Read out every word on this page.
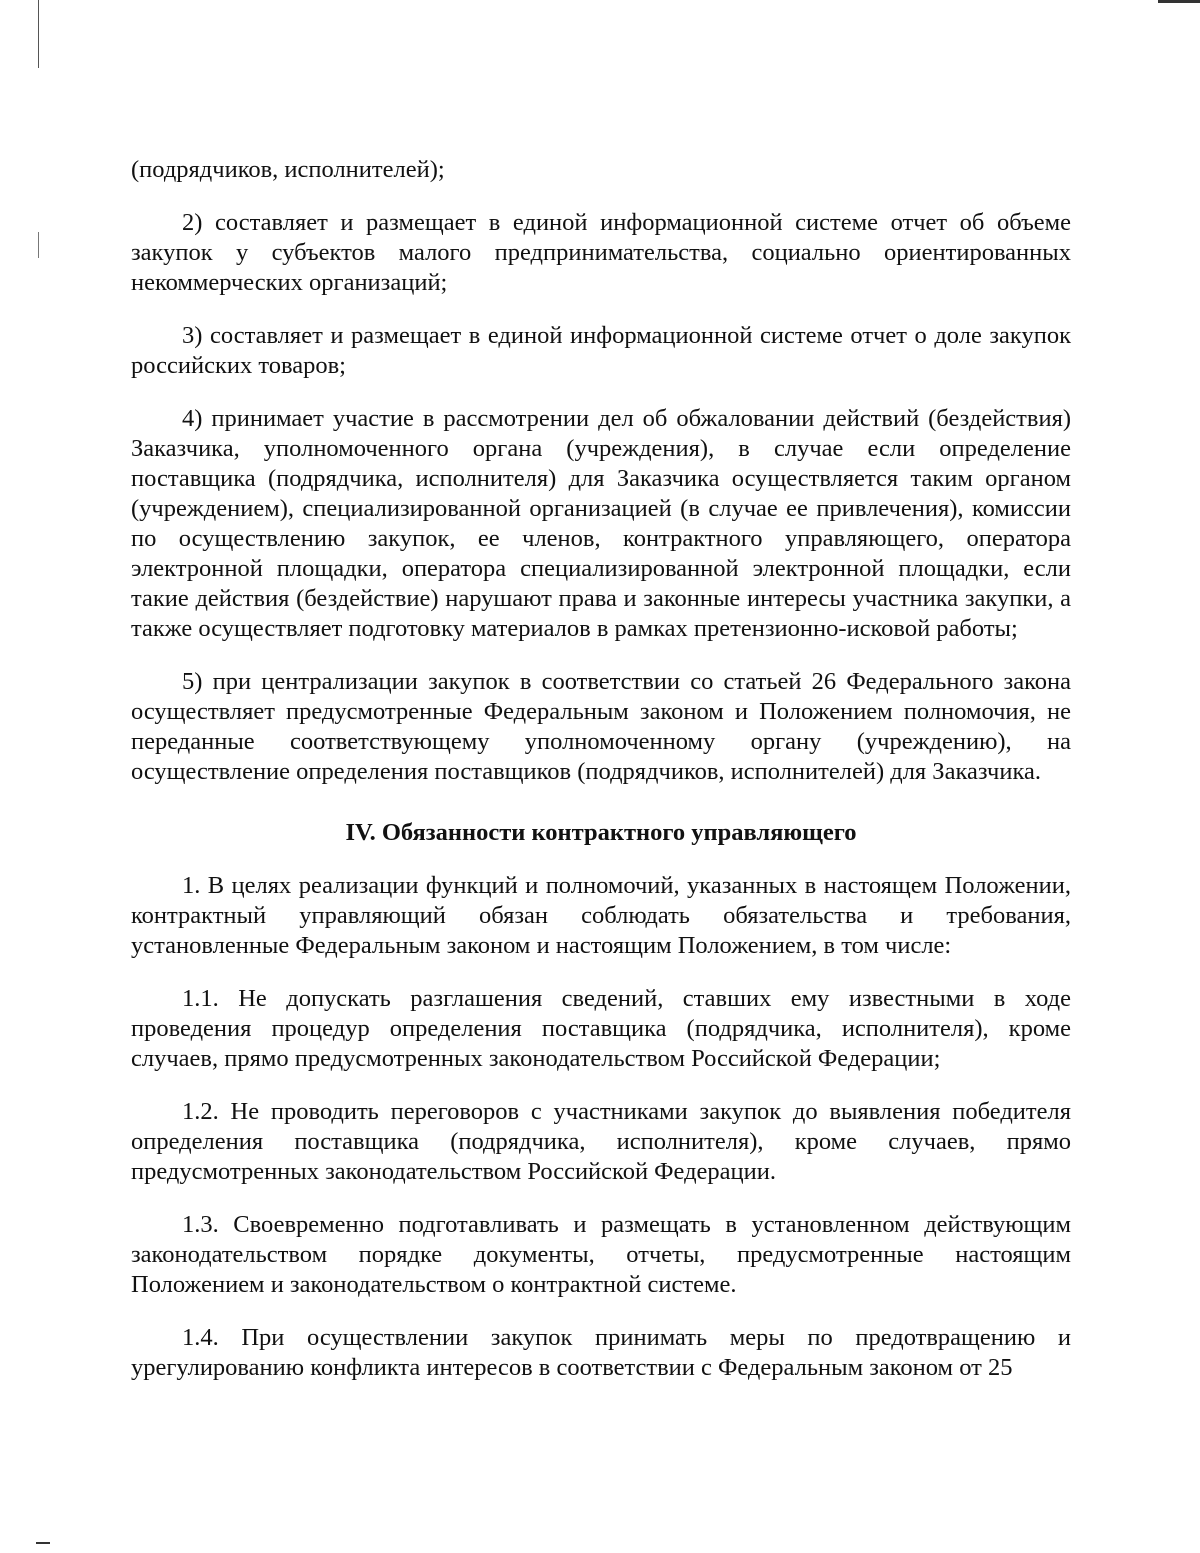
(подрядчиков, исполнителей);

2) составляет и размещает в единой информационной системе отчет об объеме закупок у субъектов малого предпринимательства, социально ориентированных некоммерческих организаций;

3) составляет и размещает в единой информационной системе отчет о доле закупок российских товаров;

4) принимает участие в рассмотрении дел об обжаловании действий (бездействия) Заказчика, уполномоченного органа (учреждения), в случае если определение поставщика (подрядчика, исполнителя) для Заказчика осуществляется таким органом (учреждением), специализированной организацией (в случае ее привлечения), комиссии по осуществлению закупок, ее членов, контрактного управляющего, оператора электронной площадки, оператора специализированной электронной площадки, если такие действия (бездействие) нарушают права и законные интересы участника закупки, а также осуществляет подготовку материалов в рамках претензионно-исковой работы;

5) при централизации закупок в соответствии со статьей 26 Федерального закона осуществляет предусмотренные Федеральным законом и Положением полномочия, не переданные соответствующему уполномоченному органу (учреждению), на осуществление определения поставщиков (подрядчиков, исполнителей) для Заказчика.

IV. Обязанности контрактного управляющего

1. В целях реализации функций и полномочий, указанных в настоящем Положении, контрактный управляющий обязан соблюдать обязательства и требования, установленные Федеральным законом и настоящим Положением, в том числе:

1.1. Не допускать разглашения сведений, ставших ему известными в ходе проведения процедур определения поставщика (подрядчика, исполнителя), кроме случаев, прямо предусмотренных законодательством Российской Федерации;

1.2. Не проводить переговоров с участниками закупок до выявления победителя определения поставщика (подрядчика, исполнителя), кроме случаев, прямо предусмотренных законодательством Российской Федерации.

1.3. Своевременно подготавливать и размещать в установленном действующим законодательством порядке документы, отчеты, предусмотренные настоящим Положением и законодательством о контрактной системе.

1.4. При осуществлении закупок принимать меры по предотвращению и урегулированию конфликта интересов в соответствии с Федеральным законом от 25
